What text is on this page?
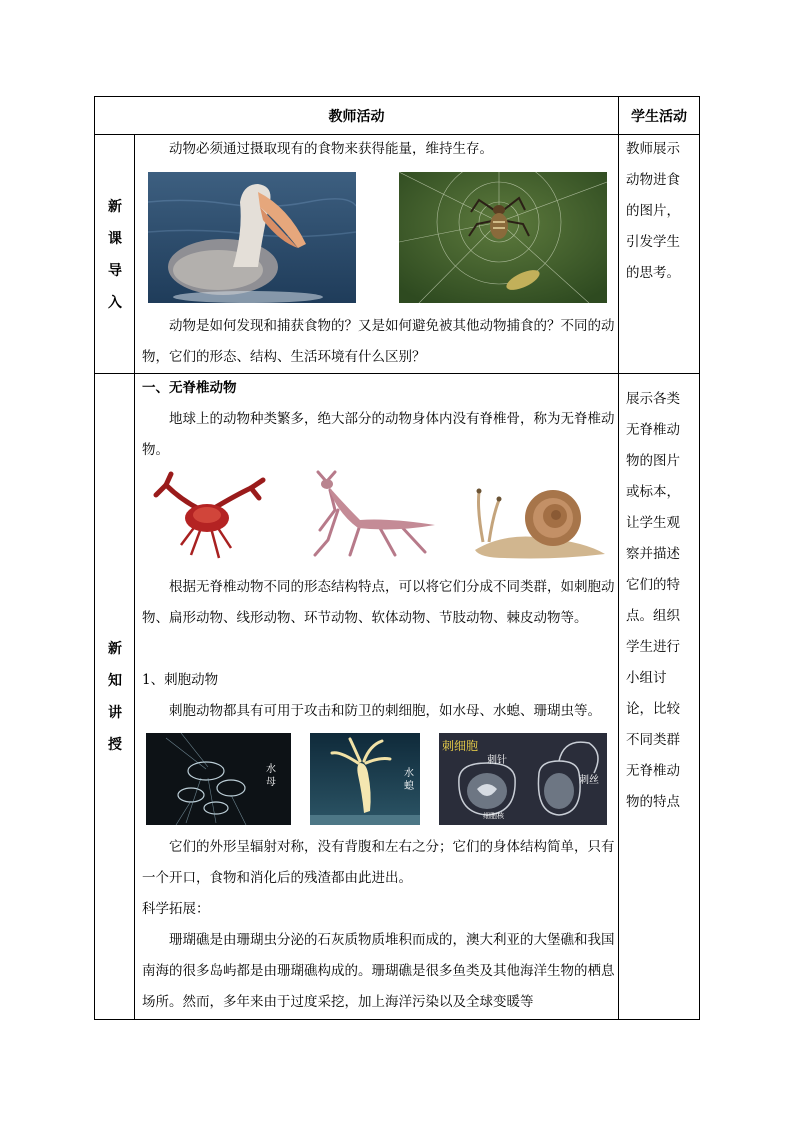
教师活动	学生活动
新
课
导
入
动物必须通过摄取现有的食物来获得能量，维持生存。
动物是如何发现和捕获食物的？又是如何避免被其他动物捕食的？不同的动物，它们的形态、结构、生活环境有什么区别？
教师展示动物进食的图片，引发学生的思考。
新
知
讲
授
一、无脊椎动物
地球上的动物种类繁多，绝大部分的动物身体内没有脊椎骨，称为无脊椎动物。
根据无脊椎动物不同的形态结构特点，可以将它们分成不同类群，如刺胞动物、扁形动物、线形动物、环节动物、软体动物、节肢动物、棘皮动物等。
1、刺胞动物
刺胞动物都具有可用于攻击和防卫的刺细胞，如水母、水螅、珊瑚虫等。
水母
水螅
刺细胞
刺针
刺丝
细胞核
它们的外形呈辐射对称，没有背腹和左右之分；它们的身体结构简单，只有一个开口，食物和消化后的残渣都由此进出。
科学拓展：
珊瑚礁是由珊瑚虫分泌的石灰质物质堆积而成的，澳大利亚的大堡礁和我国南海的很多岛屿都是由珊瑚礁构成的。珊瑚礁是很多鱼类及其他海洋生物的栖息场所。然而，多年来由于过度采挖，加上海洋污染以及全球变暖等
展示各类无脊椎动物的图片或标本，让学生观察并描述它们的特点。组织学生进行小组讨论，比较不同类群无脊椎动物的特点
